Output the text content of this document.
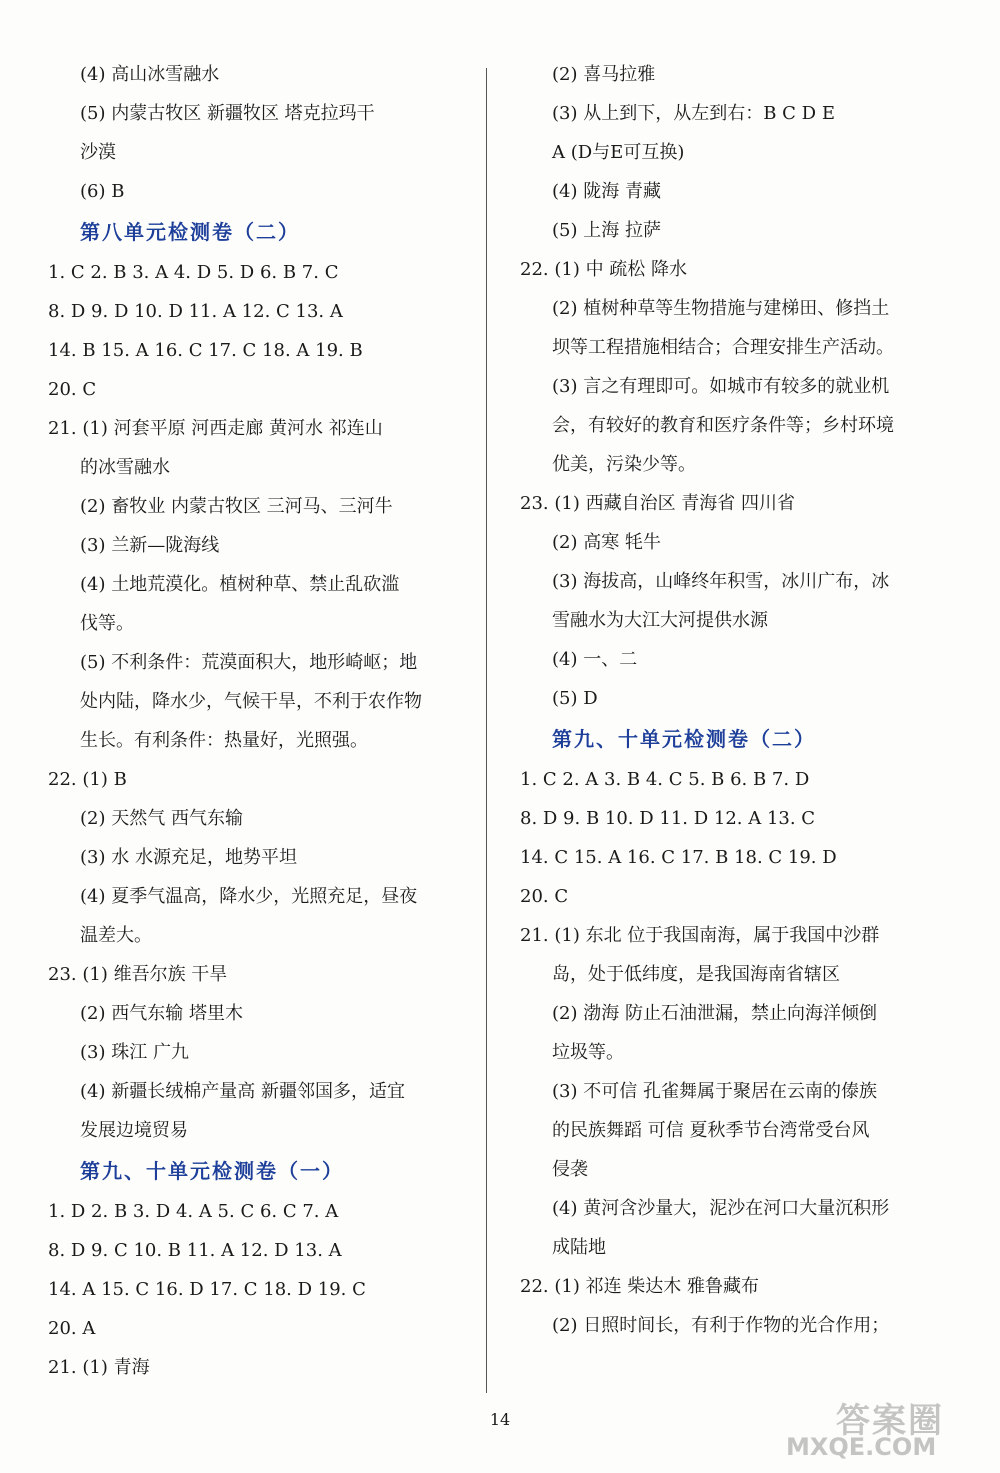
(4) 高山冰雪融水
(5) 内蒙古牧区 新疆牧区 塔克拉玛干
沙漠
(6) B
第八单元检测卷（二）
1. C 2. B 3. A 4. D 5. D 6. B 7. C
8. D 9. D 10. D 11. A 12. C 13. A
14. B 15. A 16. C 17. C 18. A 19. B
20. C
21. (1) 河套平原 河西走廊 黄河水 祁连山
的冰雪融水
(2) 畜牧业 内蒙古牧区 三河马、三河牛
(3) 兰新—陇海线
(4) 土地荒漠化。植树种草、禁止乱砍滥
伐等。
(5) 不利条件：荒漠面积大，地形崎岖；地
处内陆，降水少，气候干旱，不利于农作物
生长。有利条件：热量好，光照强。
22. (1) B
(2) 天然气 西气东输
(3) 水 水源充足，地势平坦
(4) 夏季气温高，降水少，光照充足，昼夜
温差大。
23. (1) 维吾尔族 干旱
(2) 西气东输 塔里木
(3) 珠江 广九
(4) 新疆长绒棉产量高 新疆邻国多，适宜
发展边境贸易
第九、十单元检测卷（一）
1. D 2. B 3. D 4. A 5. C 6. C 7. A
8. D 9. C 10. B 11. A 12. D 13. A
14. A 15. C 16. D 17. C 18. D 19. C
20. A
21. (1) 青海
(2) 喜马拉雅
(3) 从上到下，从左到右：B C D E
A (D与E可互换)
(4) 陇海 青藏
(5) 上海 拉萨
22. (1) 中 疏松 降水
(2) 植树种草等生物措施与建梯田、修挡土
坝等工程措施相结合；合理安排生产活动。
(3) 言之有理即可。如城市有较多的就业机
会，有较好的教育和医疗条件等；乡村环境
优美，污染少等。
23. (1) 西藏自治区 青海省 四川省
(2) 高寒 牦牛
(3) 海拔高，山峰终年积雪，冰川广布，冰
雪融水为大江大河提供水源
(4) 一、二
(5) D
第九、十单元检测卷（二）
1. C 2. A 3. B 4. C 5. B 6. B 7. D
8. D 9. B 10. D 11. D 12. A 13. C
14. C 15. A 16. C 17. B 18. C 19. D
20. C
21. (1) 东北 位于我国南海，属于我国中沙群
岛，处于低纬度，是我国海南省辖区
(2) 渤海 防止石油泄漏，禁止向海洋倾倒
垃圾等。
(3) 不可信 孔雀舞属于聚居在云南的傣族
的民族舞蹈 可信 夏秋季节台湾常受台风
侵袭
(4) 黄河含沙量大，泥沙在河口大量沉积形
成陆地
22. (1) 祁连 柴达木 雅鲁藏布
(2) 日照时间长，有利于作物的光合作用；
14	答案圈
MXQE.COM
